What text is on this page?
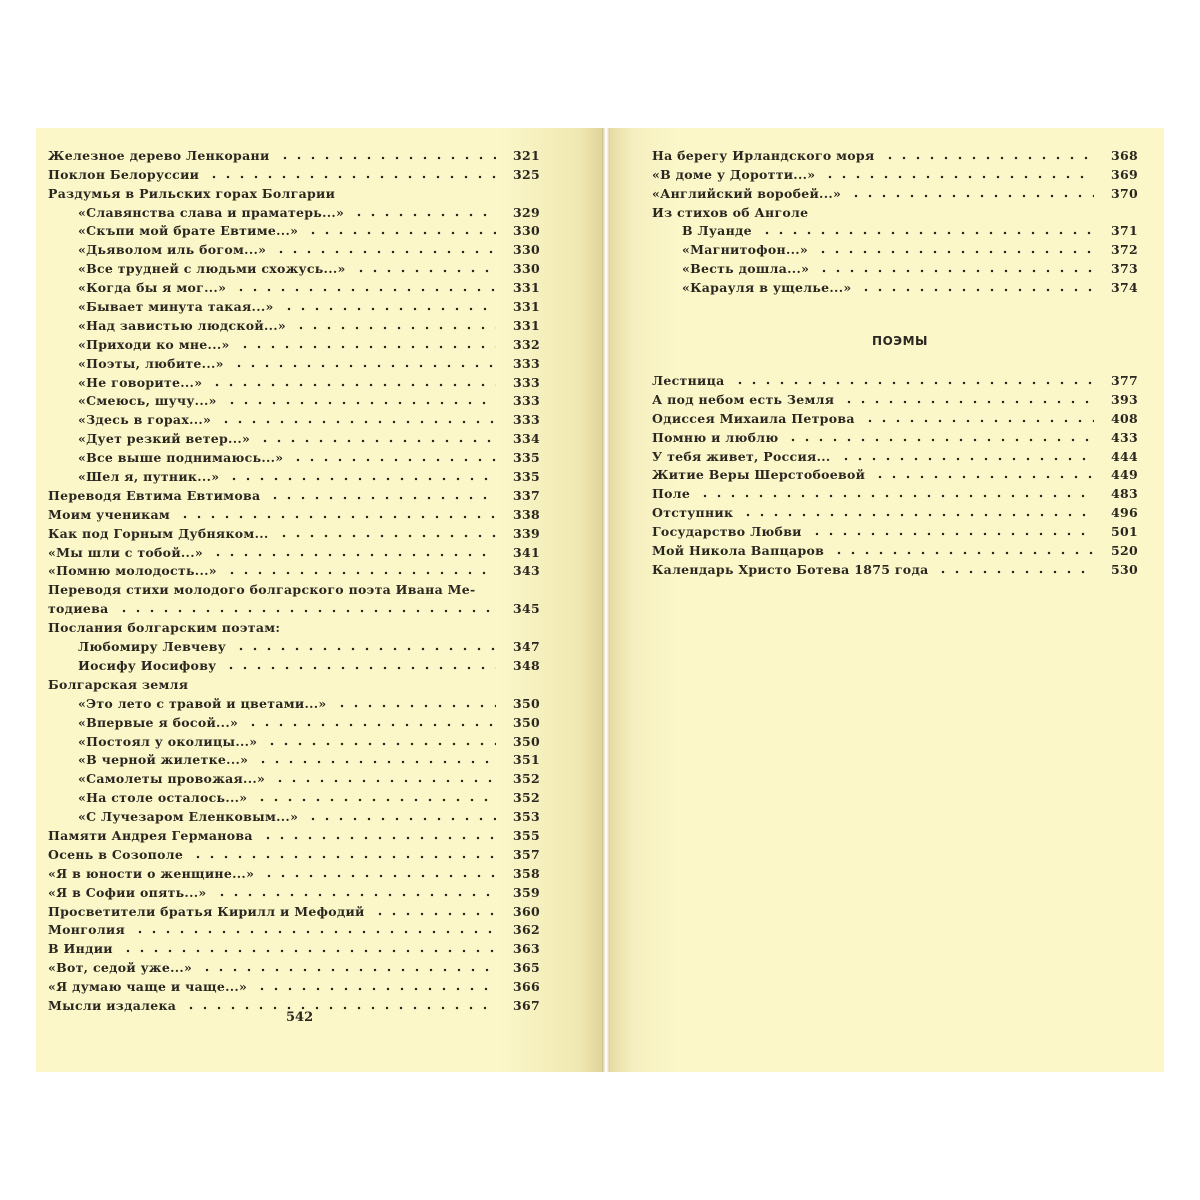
Железное дерево Ленкорани	321
Поклон Белоруссии	325
Раздумья в Рильских горах Болгарии
«Славянства слава и праматерь...»	329
«Скъпи мой брате Евтиме...»	330
«Дьяволом иль богом...»	330
«Все трудней с людьми схожусь...»	330
«Когда бы я мог...»	331
«Бывает минута такая...»	331
«Над завистью людской...»	331
«Приходи ко мне...»	332
«Поэты, любите...»	333
«Не говорите...»	333
«Смеюсь, шучу...»	333
«Здесь в горах...»	333
«Дует резкий ветер...»	334
«Все выше поднимаюсь...»	335
«Шел я, путник...»	335
Переводя Евтима Евтимова	337
Моим ученикам	338
Как под Горным Дубняком...	339
«Мы шли с тобой...»	341
«Помню молодость...»	343
Переводя стихи молодого болгарского поэта Ивана Ме-
тодиева	345
Послания болгарским поэтам:
Любомиру Левчеву	347
Иосифу Иосифову	348
Болгарская земля
«Это лето с травой и цветами...»	350
«Впервые я босой...»	350
«Постоял у околицы...»	350
«В черной жилетке...»	351
«Самолеты провожая...»	352
«На столе осталось...»	352
«С Лучезаром Еленковым...»	353
Памяти Андрея Германова	355
Осень в Созополе	357
«Я в юности о женщине...»	358
«Я в Софии опять...»	359
Просветители братья Кирилл и Мефодий	360
Монголия	362
В Индии	363
«Вот, седой уже...»	365
«Я думаю чаще и чаще...»	366
Мысли издалека	367
542
На берегу Ирландского моря	368
«В доме у Доротти...»	369
«Английский воробей...»	370
Из стихов об Анголе
В Луанде	371
«Магнитофон...»	372
«Весть дошла...»	373
«Карауля в ущелье...»	374
ПОЭМЫ
Лестница	377
А под небом есть Земля	393
Одиссея Михаила Петрова	408
Помню и люблю	433
У тебя живет, Россия...	444
Житие Веры Шерстобоевой	449
Поле	483
Отступник	496
Государство Любви	501
Мой Никола Вапцаров	520
Календарь Христо Ботева 1875 года	530
